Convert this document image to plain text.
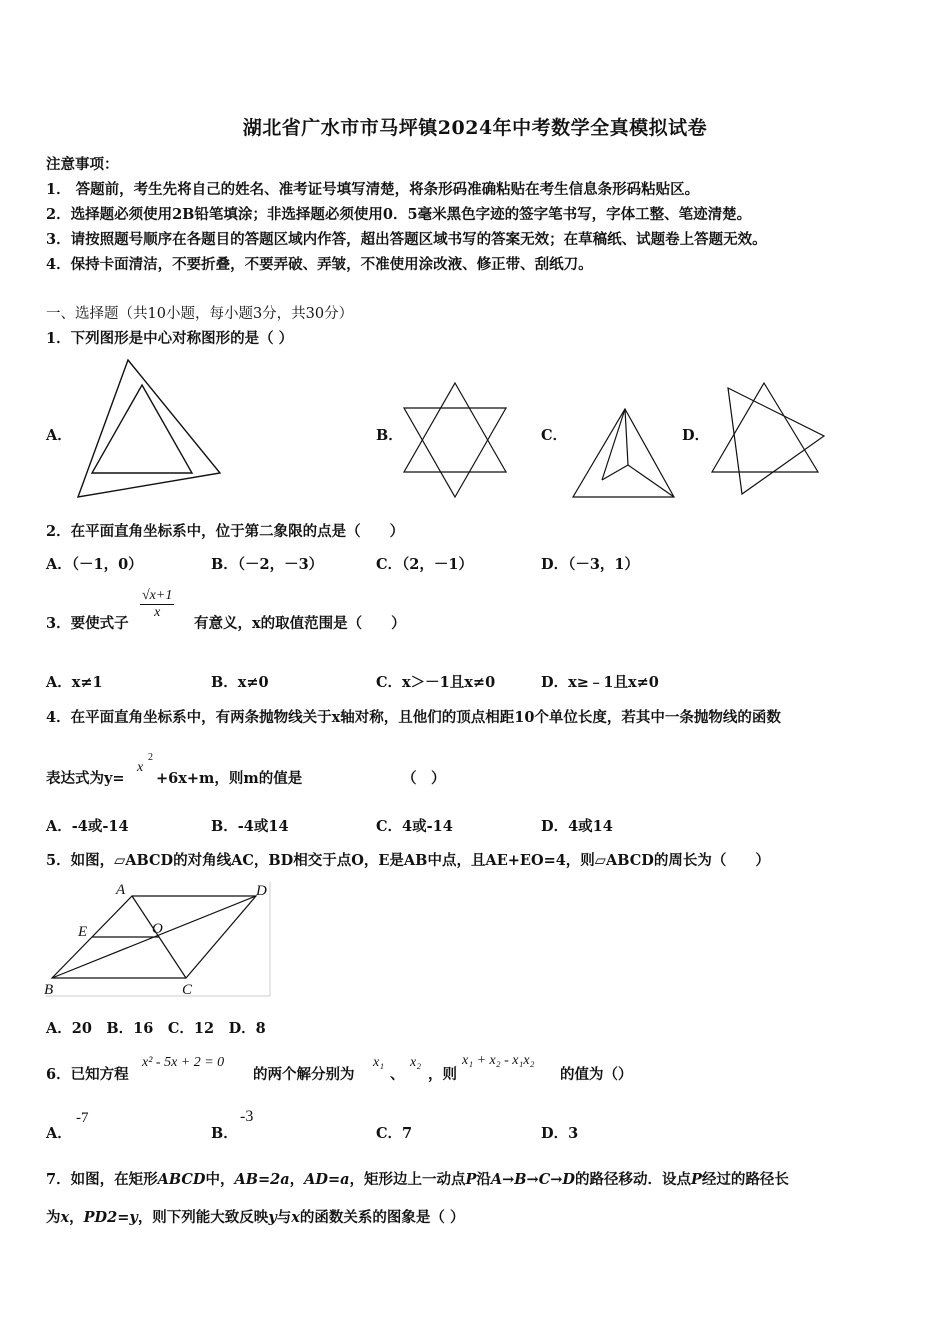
湖北省广水市市马坪镇2024年中考数学全真模拟试卷
注意事项：
1． 答题前，考生先将自己的姓名、准考证号填写清楚，将条形码准确粘贴在考生信息条形码粘贴区。
2．选择题必须使用2B铅笔填涂；非选择题必须使用0．5毫米黑色字迹的签字笔书写，字体工整、笔迹清楚。
3．请按照题号顺序在各题目的答题区域内作答，超出答题区域书写的答案无效；在草稿纸、试题卷上答题无效。
4．保持卡面清洁，不要折叠，不要弄破、弄皱，不准使用涂改液、修正带、刮纸刀。
一、选择题（共10小题，每小题3分，共30分）
1．下列图形是中心对称图形的是（ ）
A．	B．	C．	D．
2．在平面直角坐标系中，位于第二象限的点是（　　）
A．（－1，0）	B．（－2，－3）	C．（2，－1）	D．（－3，1）
3．要使式子
$\frac{√x+1}{x}$
有意义，x的取值范围是（　　）
A．x≠1	B．x≠0	C．x＞－1且x≠0	D．x≥﹣1且x≠0
4．在平面直角坐标系中，有两条抛物线关于x轴对称，且他们的顶点相距10个单位长度，若其中一条抛物线的函数
表达式为y=
x
2
+6x+m，则m的值是	（　）
A．-4或-14	B．-4或14	C．4或-14	D．4或14
5．如图，▱ABCD的对角线AC，BD相交于点O，E是AB中点，且AE+EO=4，则▱ABCD的周长为（　　）
A	D
E	O
B	C
A．20　B．16　C．12　D．8
6．已知方程
x² - 5x + 2 = 0
的两个解分别为
x₁
、
x₂
，则
x₁ + x₂ - x₁x₂
的值为（）
A．
-7
B．
-3
C．7	D．3
7．如图，在矩形ABCD中，AB=2a，AD=a，矩形边上一动点P沿A→B→C→D的路径移动．设点P经过的路径长
为x，PD2=y，则下列能大致反映y与x的函数关系的图象是（ ）
